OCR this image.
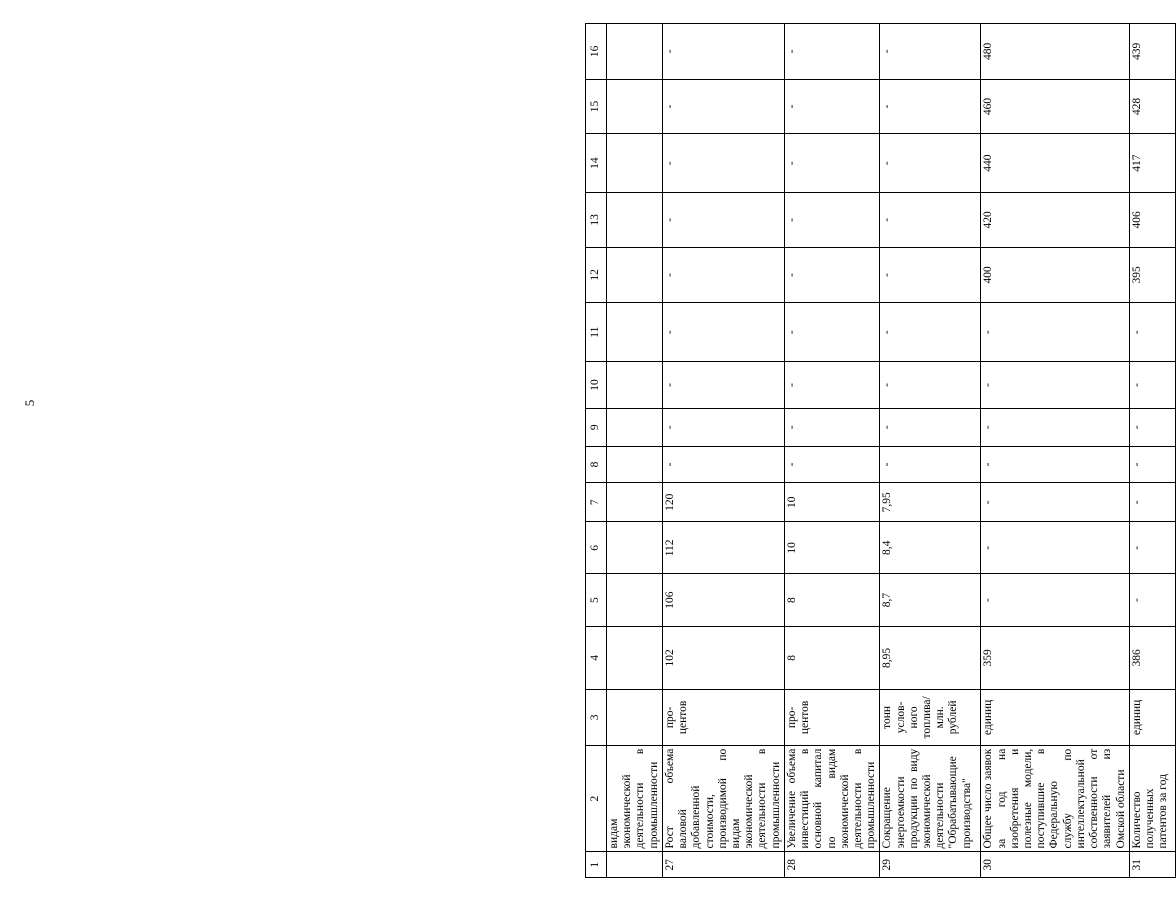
5
1	2	3	4	5	6	7	8	9	10	11	12	13	14	15	16
	видам экономической деятельности в промышленности														
27	Рост объема валовой добавленной стоимости, производимой по видам экономической деятельности в промышленности	про-центов	102	106	112	120	-	-	-	-	-	-	-	-	-
28	Увеличение объема инвестиций в основной капитал по видам экономической деятельности в промышленности	про-центов	8	8	10	10	-	-	-	-	-	-	-	-	-
29	Сокращение энергоемкости продукции по виду экономической деятельности "Обрабатывающие производства"	тонн услов-ного топлива/млн. рублей	8,95	8,7	8,4	7,95	-	-	-	-	-	-	-	-	-
30	Общее число заявок за год на изобретения и полезные модели, поступившие в Федеральную службу по интеллектуальной собственности от заявителей из Омской области	единиц	359	-	-	-	-	-	-	-	400	420	440	460	480
31	Количество полученных патентов за год	единиц	386	-	-	-	-	-	-	-	395	406	417	428	439
